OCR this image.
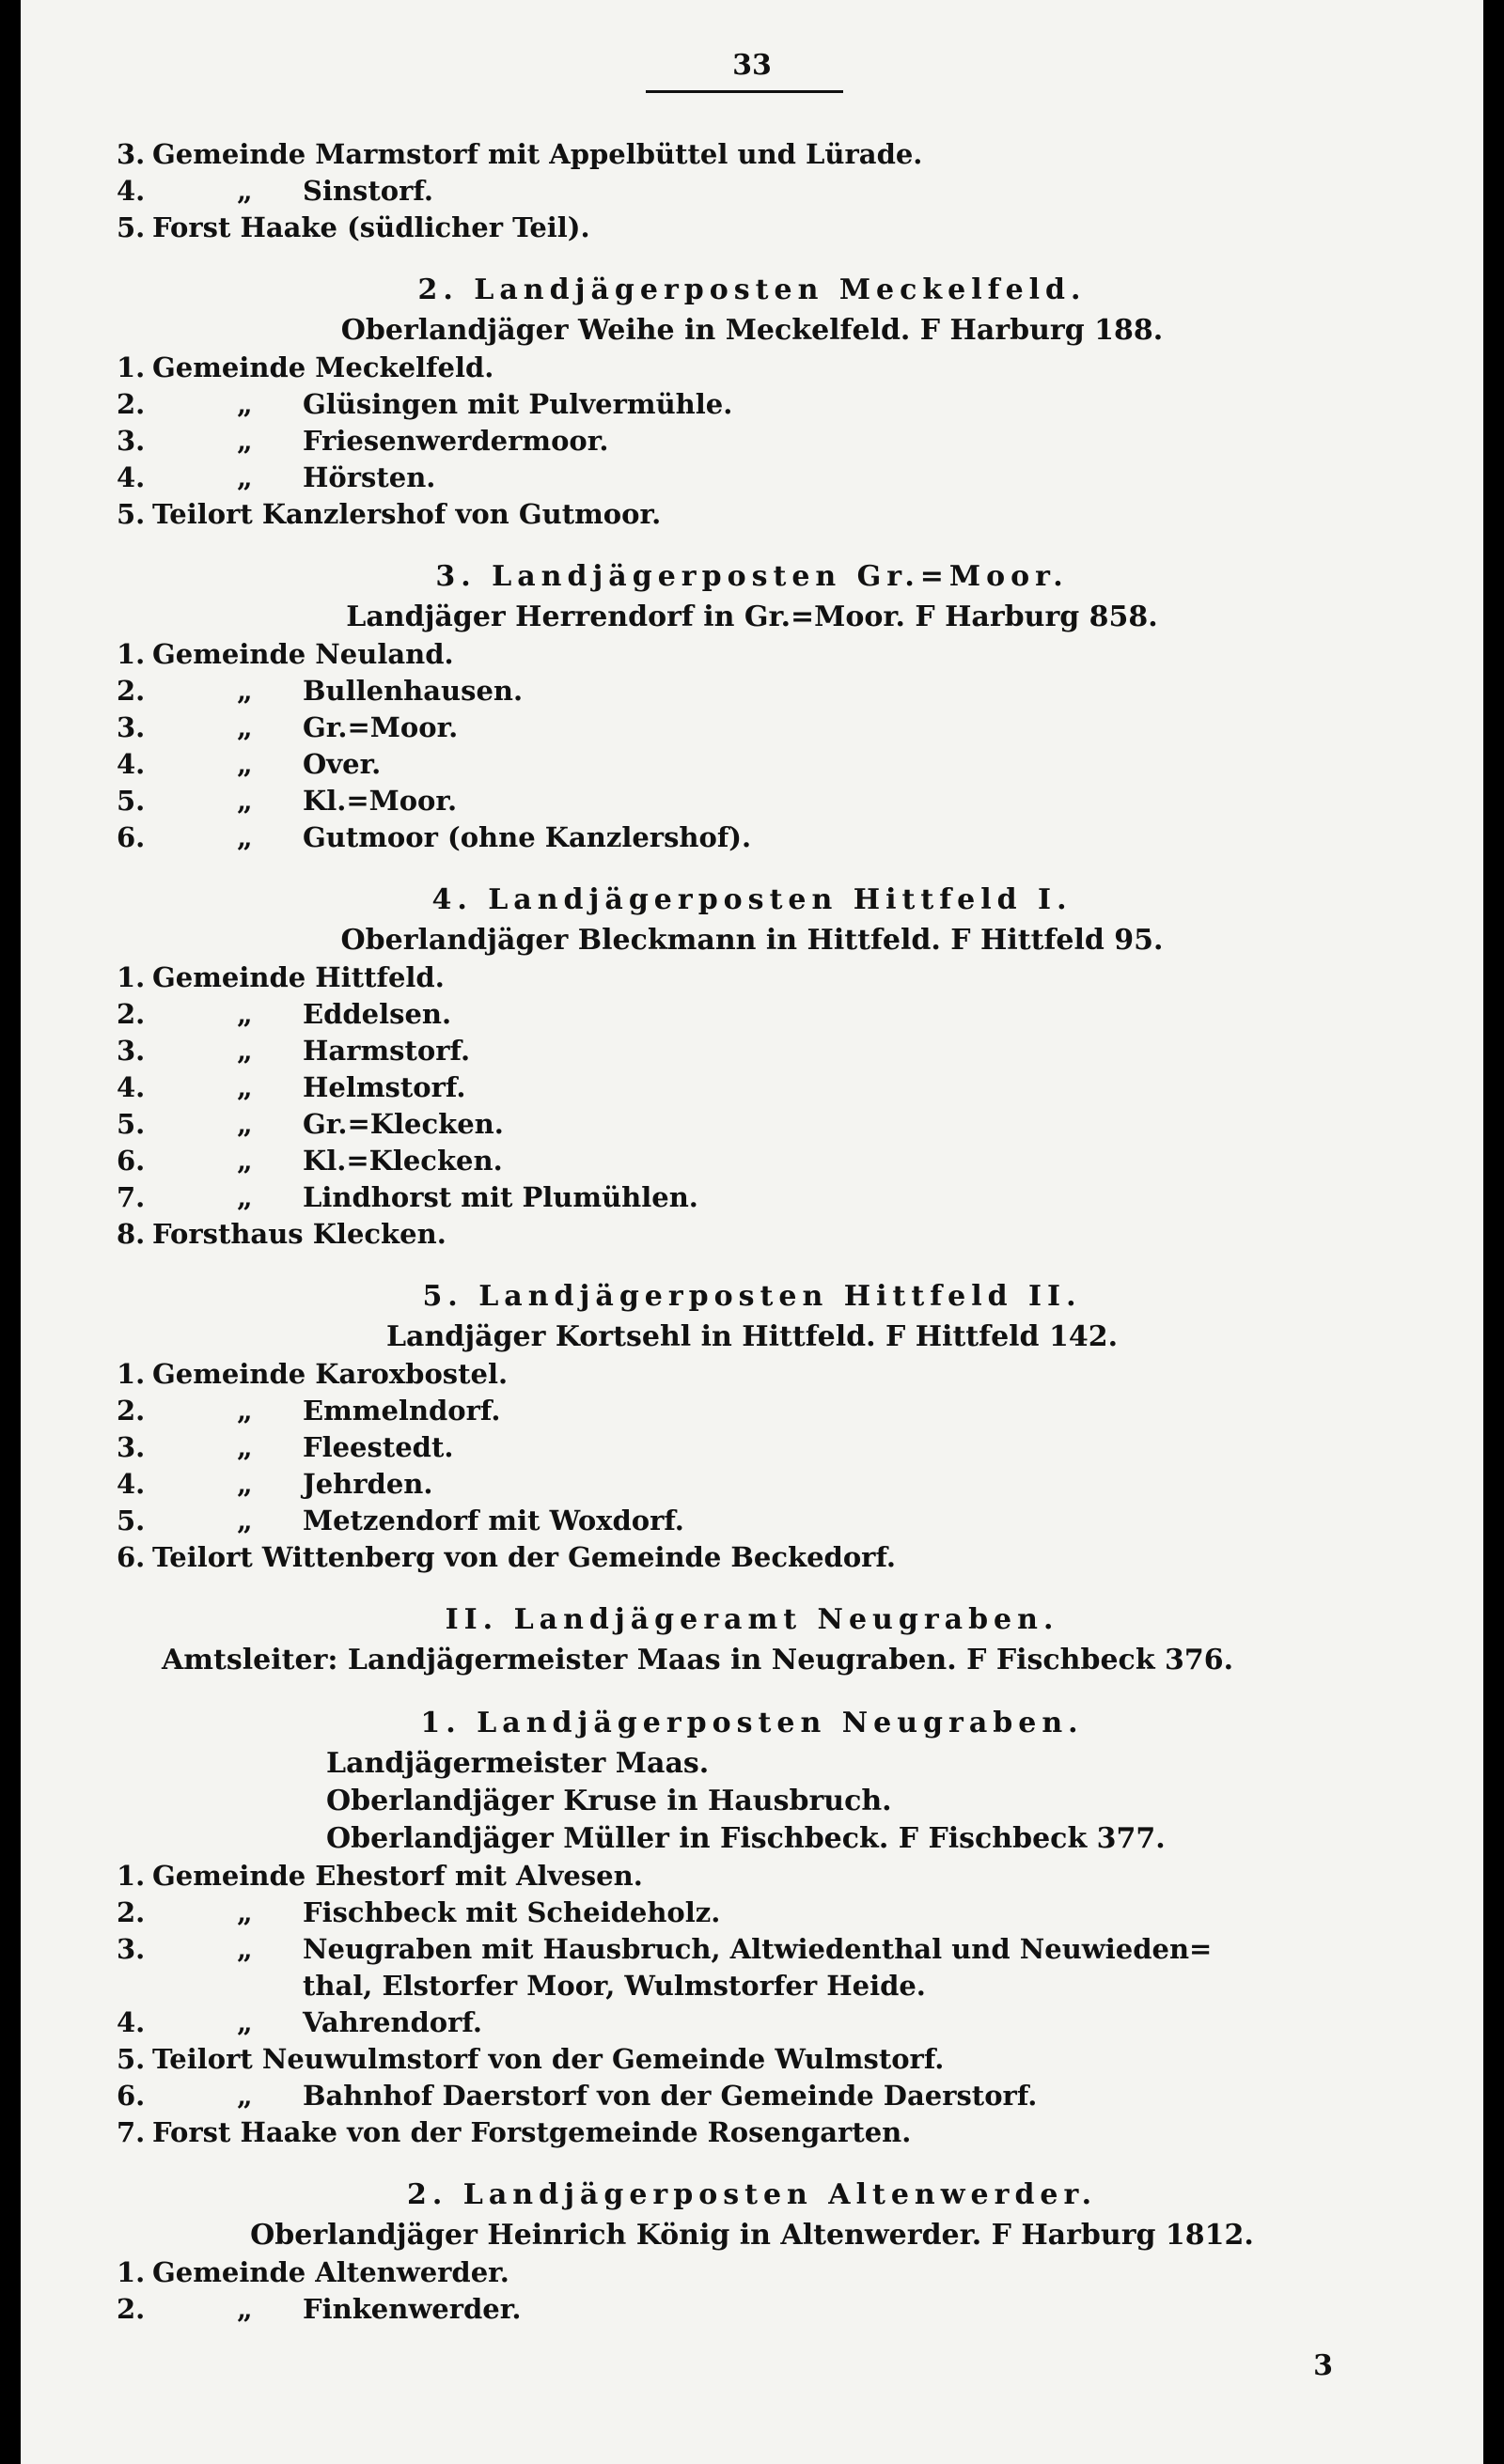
33
3. Gemeinde Marmstorf mit Appelbüttel und Lürade.
4.	„ Sinstorf.
5. Forst Haake (südlicher Teil).
2. Landjägerposten Meckelfeld.
Oberlandjäger Weihe in Meckelfeld. F Harburg 188.
1. Gemeinde Meckelfeld.
2.	„ Glüsingen mit Pulvermühle.
3.	„ Friesenwerdermoor.
4.	„ Hörsten.
5. Teilort Kanzlershof von Gutmoor.
3. Landjägerposten Gr.=Moor.
Landjäger Herrendorf in Gr.=Moor. F Harburg 858.
1. Gemeinde Neuland.
2.	„ Bullenhausen.
3.	„ Gr.=Moor.
4.	„ Over.
5.	„ Kl.=Moor.
6.	„ Gutmoor (ohne Kanzlershof).
4. Landjägerposten Hittfeld I.
Oberlandjäger Bleckmann in Hittfeld. F Hittfeld 95.
1. Gemeinde Hittfeld.
2.	„ Eddelsen.
3.	„ Harmstorf.
4.	„ Helmstorf.
5.	„ Gr.=Klecken.
6.	„ Kl.=Klecken.
7.	„ Lindhorst mit Plumühlen.
8. Forsthaus Klecken.
5. Landjägerposten Hittfeld II.
Landjäger Kortsehl in Hittfeld. F Hittfeld 142.
1. Gemeinde Karoxbostel.
2.	„ Emmelndorf.
3.	„ Fleestedt.
4.	„ Jehrden.
5.	„ Metzendorf mit Woxdorf.
6. Teilort Wittenberg von der Gemeinde Beckedorf.
II. Landjägeramt Neugraben.
Amtsleiter: Landjägermeister Maas in Neugraben. F Fischbeck 376.
1. Landjägerposten Neugraben.
Landjägermeister Maas.
Oberlandjäger Kruse in Hausbruch.
Oberlandjäger Müller in Fischbeck. F Fischbeck 377.
1. Gemeinde Ehestorf mit Alvesen.
2.	„ Fischbeck mit Scheideholz.
3.	„ Neugraben mit Hausbruch, Altwiedenthal und Neuwieden=
thal, Elstorfer Moor, Wulmstorfer Heide.
4.	„ Vahrendorf.
5. Teilort Neuwulmstorf von der Gemeinde Wulmstorf.
6.	„ Bahnhof Daerstorf von der Gemeinde Daerstorf.
7. Forst Haake von der Forstgemeinde Rosengarten.
2. Landjägerposten Altenwerder.
Oberlandjäger Heinrich König in Altenwerder. F Harburg 1812.
1. Gemeinde Altenwerder.
2.	„ Finkenwerder.
3
